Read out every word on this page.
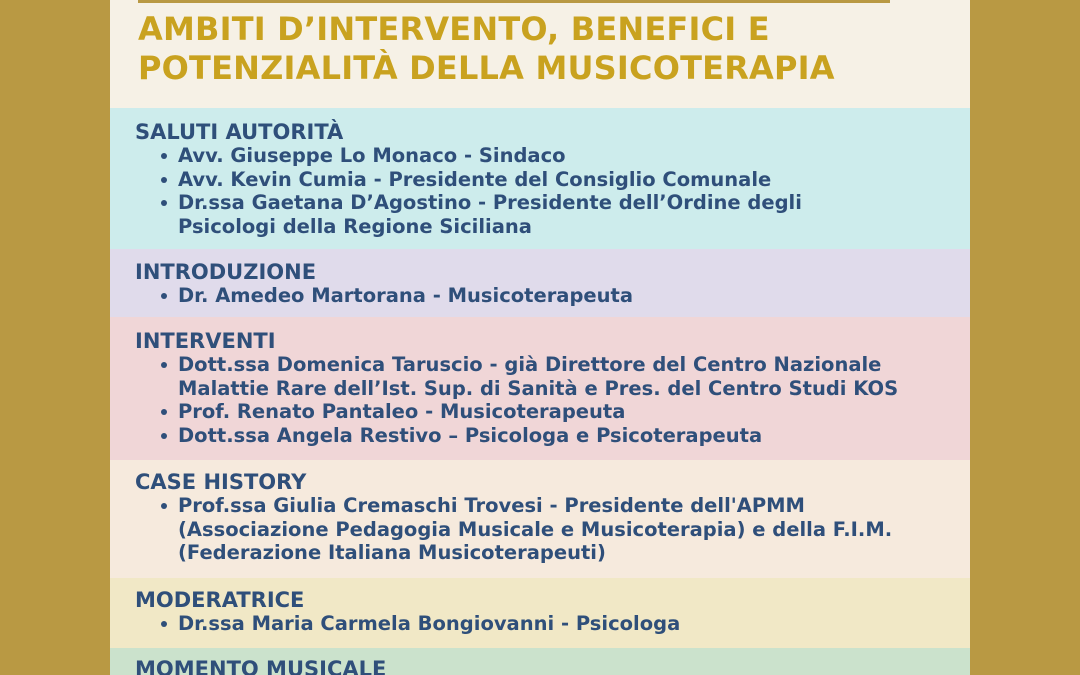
AMBITI D’INTERVENTO, BENEFICI E
POTENZIALITÀ DELLA MUSICOTERAPIA
SALUTI AUTORITÀ
Avv. Giuseppe Lo Monaco - Sindaco
Avv. Kevin Cumia - Presidente del Consiglio Comunale
Dr.ssa Gaetana D’Agostino - Presidente dell’Ordine degli
Psicologi della Regione Siciliana
INTRODUZIONE
Dr. Amedeo Martorana - Musicoterapeuta
INTERVENTI
Dott.ssa Domenica Taruscio - già Direttore del Centro Nazionale
Malattie Rare dell’Ist. Sup. di Sanità e Pres. del Centro Studi KOS
Prof. Renato Pantaleo - Musicoterapeuta
Dott.ssa Angela Restivo – Psicologa e Psicoterapeuta
CASE HISTORY
Prof.ssa Giulia Cremaschi Trovesi - Presidente dell'APMM
(Associazione Pedagogia Musicale e Musicoterapia) e della F.I.M.
(Federazione Italiana Musicoterapeuti)
MODERATRICE
Dr.ssa Maria Carmela Bongiovanni - Psicologa
MOMENTO MUSICALE
